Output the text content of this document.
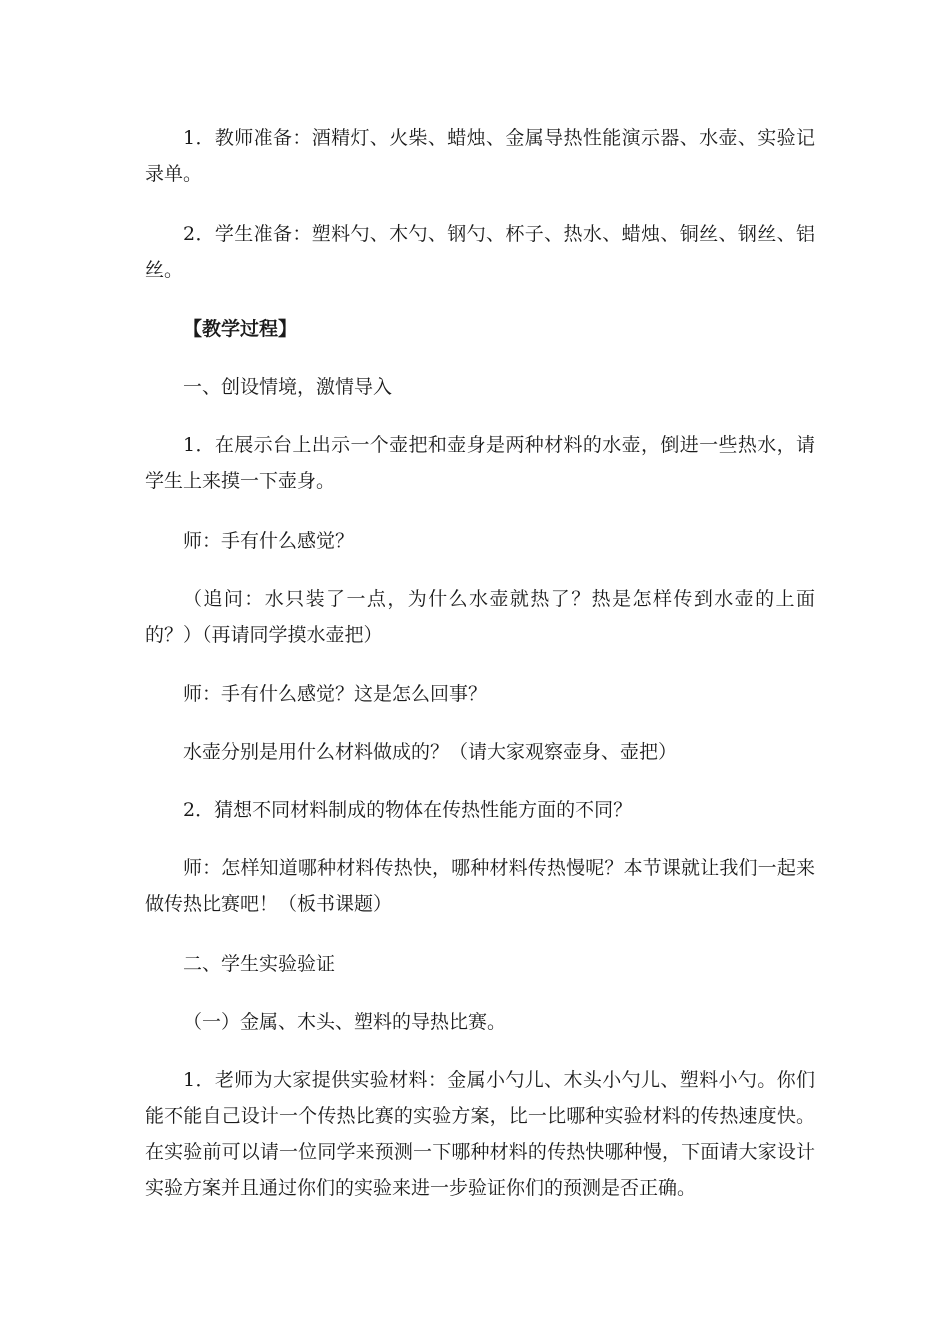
1．教师准备：酒精灯、火柴、蜡烛、金属导热性能演示器、水壶、实验记录单。

2．学生准备：塑料勺、木勺、钢勺、杯子、热水、蜡烛、铜丝、钢丝、铝丝。

【教学过程】

一、创设情境，激情导入

1．在展示台上出示一个壶把和壶身是两种材料的水壶，倒进一些热水，请学生上来摸一下壶身。

师：手有什么感觉？

（追问：水只装了一点，为什么水壶就热了？热是怎样传到水壶的上面的？）（再请同学摸水壶把）

师：手有什么感觉？这是怎么回事？

水壶分别是用什么材料做成的？（请大家观察壶身、壶把）

2．猜想不同材料制成的物体在传热性能方面的不同？

师：怎样知道哪种材料传热快，哪种材料传热慢呢？本节课就让我们一起来做传热比赛吧！（板书课题）

二、学生实验验证

（一）金属、木头、塑料的导热比赛。

1．老师为大家提供实验材料：金属小勺儿、木头小勺儿、塑料小勺。你们能不能自己设计一个传热比赛的实验方案，比一比哪种实验材料的传热速度快。在实验前可以请一位同学来预测一下哪种材料的传热快哪种慢，下面请大家设计实验方案并且通过你们的实验来进一步验证你们的预测是否正确。
